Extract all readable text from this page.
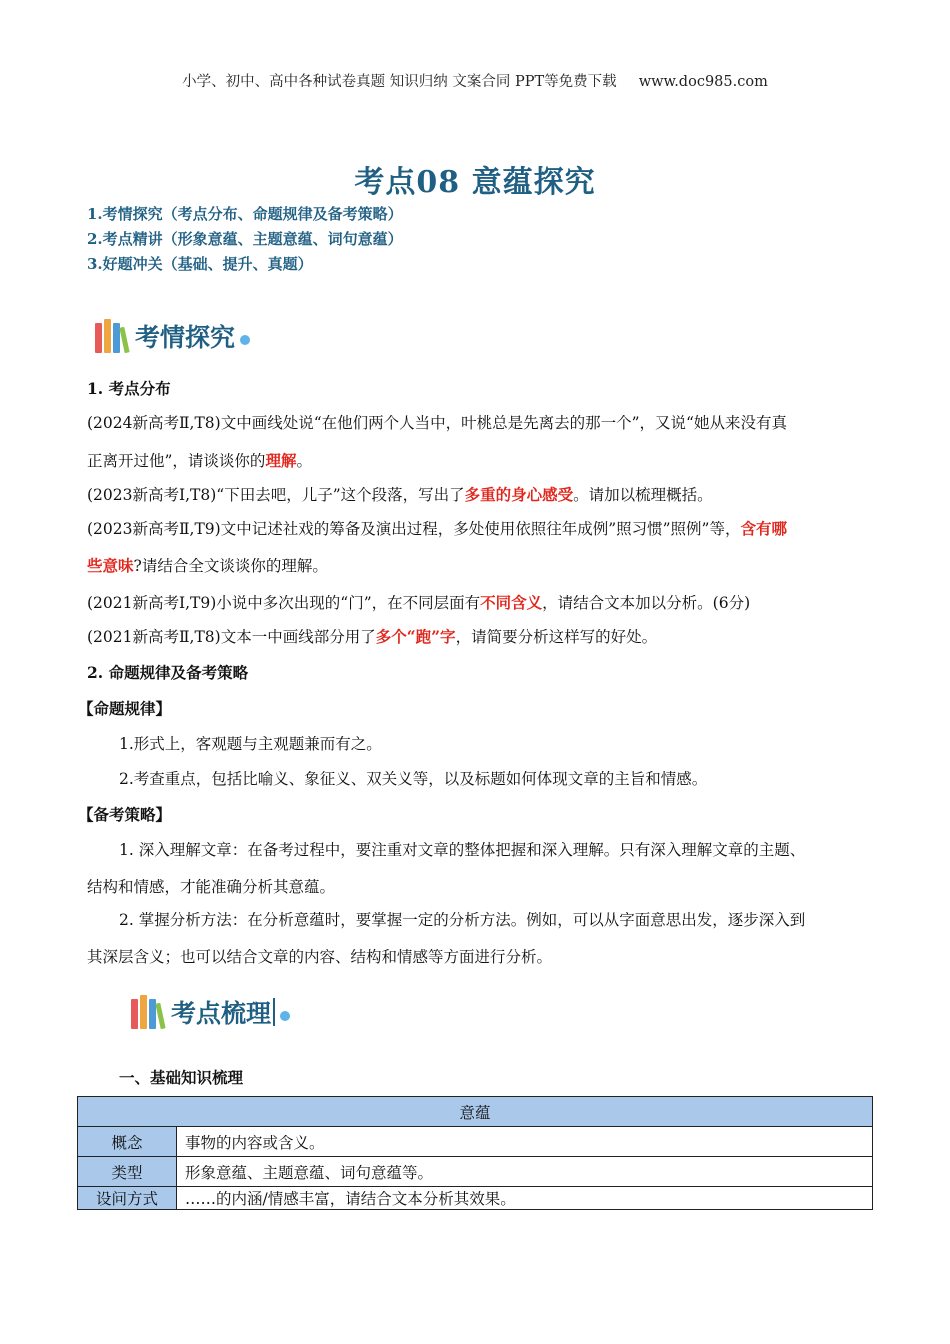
小学、初中、高中各种试卷真题 知识归纳 文案合同 PPT等免费下载 www.doc985.com
考点08 意蕴探究
1.考情探究（考点分布、命题规律及备考策略）
2.考点精讲（形象意蕴、主题意蕴、词句意蕴）
3.好题冲关（基础、提升、真题）
考情探究
1. 考点分布
(2024新高考Ⅱ,T8)文中画线处说“在他们两个人当中，叶桃总是先离去的那一个”，又说“她从来没有真
正离开过他”，请谈谈你的理解。
(2023新高考I,T8)“下田去吧，儿子”这个段落，写出了多重的身心感受。请加以梳理概括。
(2023新高考Ⅱ,T9)文中记述社戏的筹备及演出过程，多处使用依照往年成例”照习惯”照例”等，含有哪
些意味?请结合全文谈谈你的理解。
(2021新高考I,T9)小说中多次出现的“门”，在不同层面有不同含义，请结合文本加以分析。(6分)
(2021新高考Ⅱ,T8)文本一中画线部分用了多个“跑”字，请简要分析这样写的好处。
2. 命题规律及备考策略
【命题规律】
1.形式上，客观题与主观题兼而有之。
2.考查重点，包括比喻义、象征义、双关义等，以及标题如何体现文章的主旨和情感。
【备考策略】
1. 深入理解文章：在备考过程中，要注重对文章的整体把握和深入理解。只有深入理解文章的主题、
结构和情感，才能准确分析其意蕴。
2. 掌握分析方法：在分析意蕴时，要掌握一定的分析方法。例如，可以从字面意思出发，逐步深入到
其深层含义；也可以结合文章的内容、结构和情感等方面进行分析。
考点梳理
一、基础知识梳理
意蕴	
概念	事物的内容或含义。
类型	形象意蕴、主题意蕴、词句意蕴等。
设问方式	……的内涵/情感丰富，请结合文本分析其效果。
